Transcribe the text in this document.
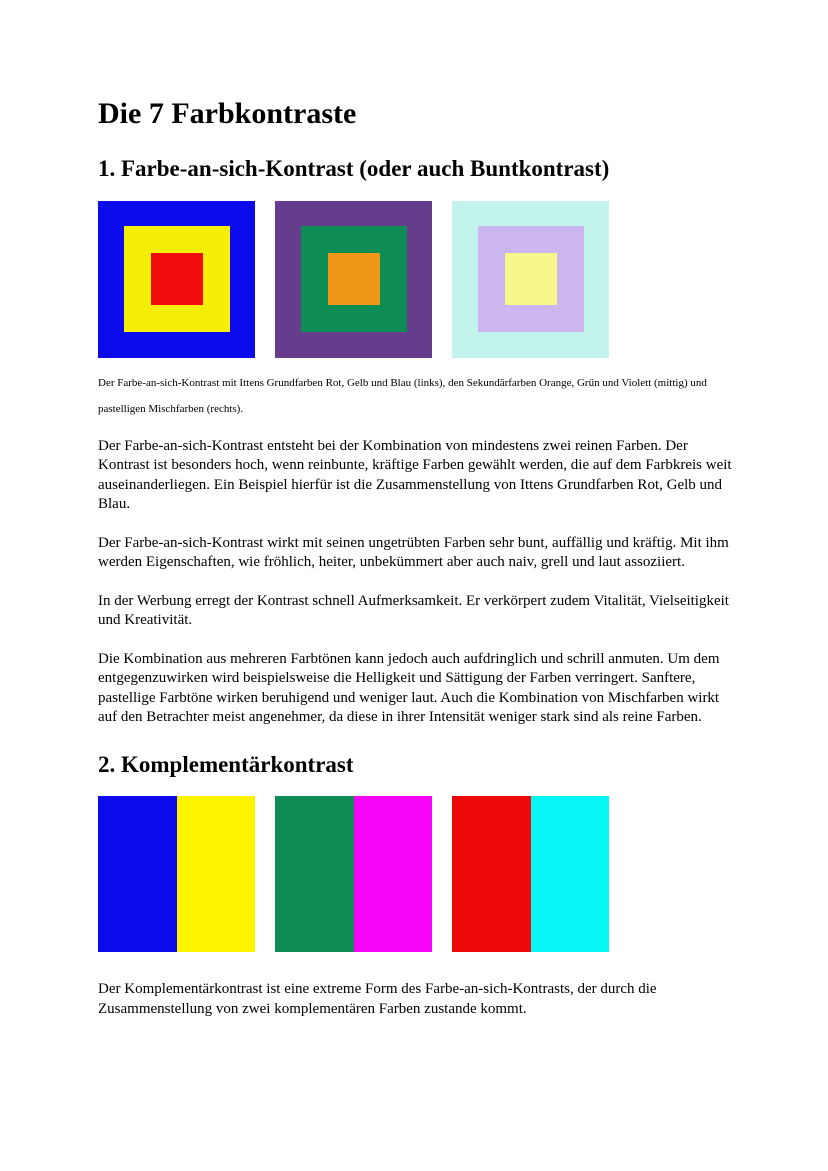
Die 7 Farbkontraste
1. Farbe-an-sich-Kontrast (oder auch Buntkontrast)

Der Farbe-an-sich-Kontrast mit Ittens Grundfarben Rot, Gelb und Blau (links), den Sekundärfarben Orange, Grün und Violett (mittig) und pastelligen Mischfarben (rechts).

Der Farbe-an-sich-Kontrast entsteht bei der Kombination von mindestens zwei reinen Farben. Der Kontrast ist besonders hoch, wenn reinbunte, kräftige Farben gewählt werden, die auf dem Farbkreis weit auseinanderliegen. Ein Beispiel hierfür ist die Zusammenstellung von Ittens Grundfarben Rot, Gelb und Blau.

Der Farbe-an-sich-Kontrast wirkt mit seinen ungetrübten Farben sehr bunt, auffällig und kräftig. Mit ihm werden Eigenschaften, wie fröhlich, heiter, unbekümmert aber auch naiv, grell und laut assoziiert.

In der Werbung erregt der Kontrast schnell Aufmerksamkeit. Er verkörpert zudem Vitalität, Vielseitigkeit und Kreativität.

Die Kombination aus mehreren Farbtönen kann jedoch auch aufdringlich und schrill anmuten. Um dem entgegenzuwirken wird beispielsweise die Helligkeit und Sättigung der Farben verringert. Sanftere, pastellige Farbtöne wirken beruhigend und weniger laut. Auch die Kombination von Mischfarben wirkt auf den Betrachter meist angenehmer, da diese in ihrer Intensität weniger stark sind als reine Farben.

2. Komplementärkontrast

Der Komplementärkontrast ist eine extreme Form des Farbe-an-sich-Kontrasts, der durch die Zusammenstellung von zwei komplementären Farben zustande kommt.
